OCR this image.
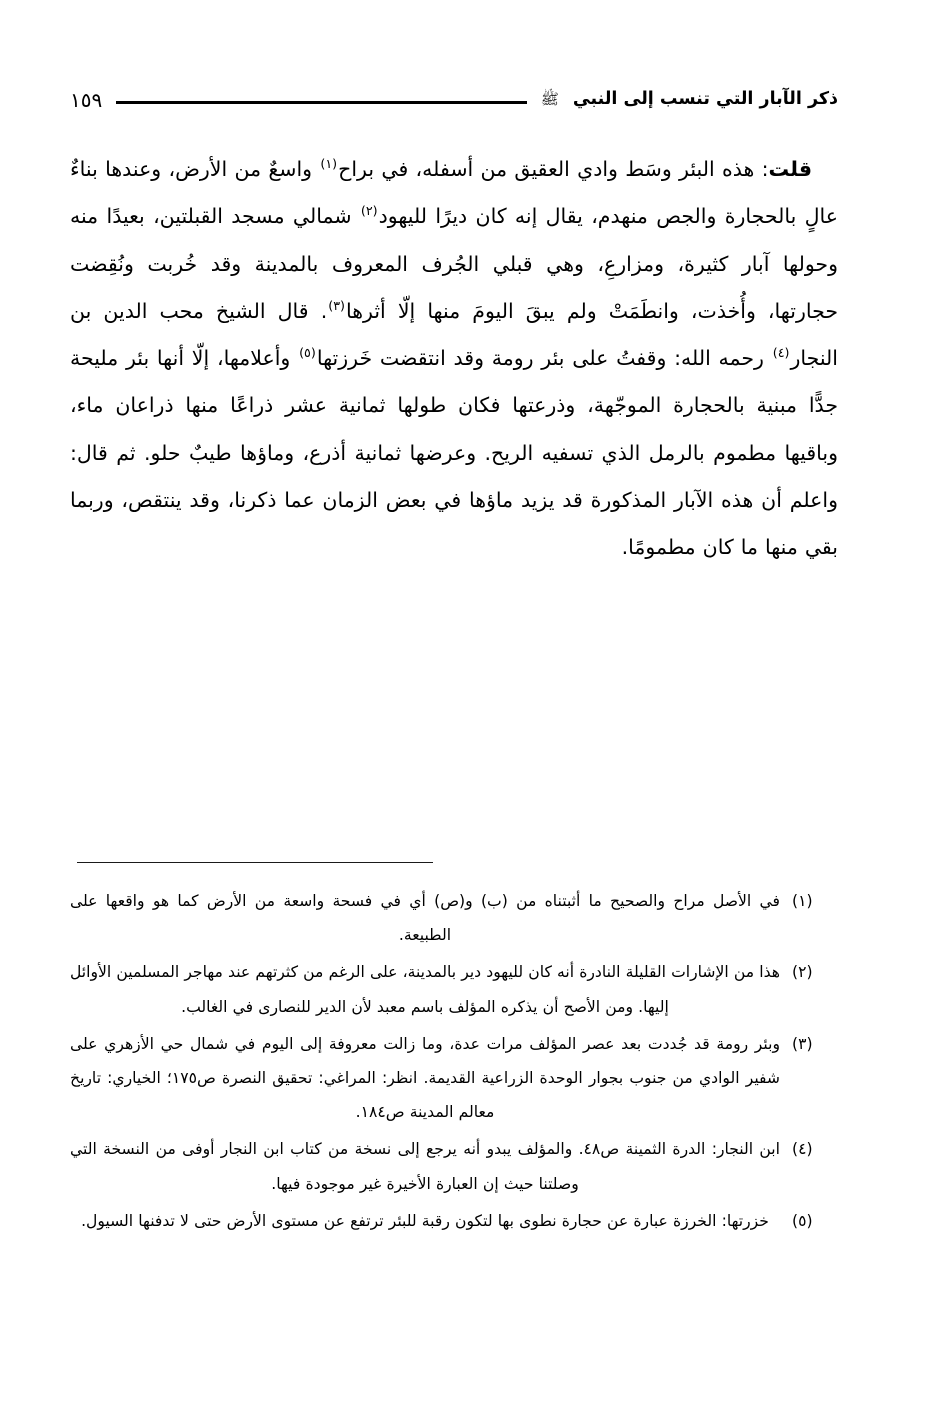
ذكر الآبار التي تنسب إلى النبي
ﷺ
١٥٩

قلت: هذه البئر وسَط وادي العقيق من أسفله، في براح$^{(١)}$ واسعٌ من الأرض، وعندها بناءٌ عالٍ بالحجارة والجص منهدم، يقال إنه كان ديرًا لليهود$^{(٢)}$ شمالي مسجد القبلتين، بعيدًا منه وحولها آبار كثيرة، ومزارعِ، وهي قبلي الجُرف المعروف بالمدينة وقد خُربت ونُقِضت حجارتها، وأُخذت، وانطَمَتْ ولم يبقَ اليومَ منها إلّا أثرها$^{(٣)}$. قال الشيخ محب الدين بن النجار$^{(٤)}$ رحمه الله: وقفتُ على بئر رومة وقد انتقضت خَرزتها$^{(٥)}$ وأعلامها، إلّا أنها بئر مليحة جدًّا مبنية بالحجارة الموجّهة، وذرعتها فكان طولها ثمانية عشر ذراعًا منها ذراعان ماء، وباقيها مطموم بالرمل الذي تسفيه الريح. وعرضها ثمانية أذرع، وماؤها طيبٌ حلو. ثم قال: واعلم أن هذه الآبار المذكورة قد يزيد ماؤها في بعض الزمان عما ذكرنا، وقد ينتقص، وربما بقي منها ما كان مطمومًا.

(١)
في الأصل مراح والصحيح ما أثبتناه من (ب) و(ص) أي في فسحة واسعة من الأرض كما هو واقعها على الطبيعة.
(٢)
هذا من الإشارات القليلة النادرة أنه كان لليهود دير بالمدينة، على الرغم من كثرتهم عند مهاجر المسلمين الأوائل إليها. ومن الأصح أن يذكره المؤلف باسم معبد لأن الدير للنصارى في الغالب.
(٣)
وبئر رومة قد جُددت بعد عصر المؤلف مرات عدة، وما زالت معروفة إلى اليوم في شمال حي الأزهري على شفير الوادي من جنوب بجوار الوحدة الزراعية القديمة. انظر: المراغي: تحقيق النصرة ص١٧٥؛ الخياري: تاريخ معالم المدينة ص١٨٤.
(٤)
ابن النجار: الدرة الثمينة ص٤٨. والمؤلف يبدو أنه يرجع إلى نسخة من كتاب ابن النجار أوفى من النسخة التي وصلتنا حيث إن العبارة الأخيرة غير موجودة فيها.
(٥)
خزرتها: الخرزة عبارة عن حجارة نطوى بها لتكون رقبة للبئر ترتفع عن مستوى الأرض حتى لا تدفنها السيول.
